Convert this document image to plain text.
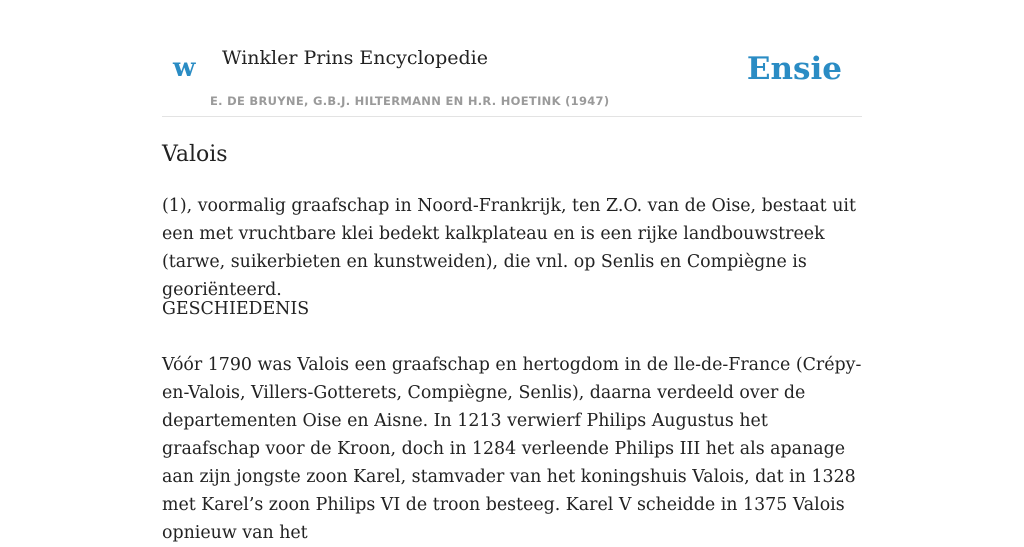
w Winkler Prins Encyclopedie
E. DE BRUYNE, G.B.J. HILTERMANN EN H.R. HOETINK (1947)
Ensie
Valois

(1), voormalig graafschap in Noord-Frankrijk, ten Z.O. van de Oise, bestaat uit een met vruchtbare klei bedekt kalkplateau en is een rijke landbouwstreek (tarwe, suikerbieten en kunstweiden), die vnl. op Senlis en Compiègne is georiënteerd.

GESCHIEDENIS

Vóór 1790 was Valois een graafschap en hertogdom in de lle-de-France (Crépy-en-Valois, Villers-Gotterets, Compiègne, Senlis), daarna verdeeld over de departementen Oise en Aisne. In 1213 verwierf Philips Augustus het graafschap voor de Kroon, doch in 1284 verleende Philips III het als apanage aan zijn jongste zoon Karel, stamvader van het koningshuis Valois, dat in 1328 met Karel’s zoon Philips VI de troon besteeg. Karel V scheidde in 1375 Valois opnieuw van het
